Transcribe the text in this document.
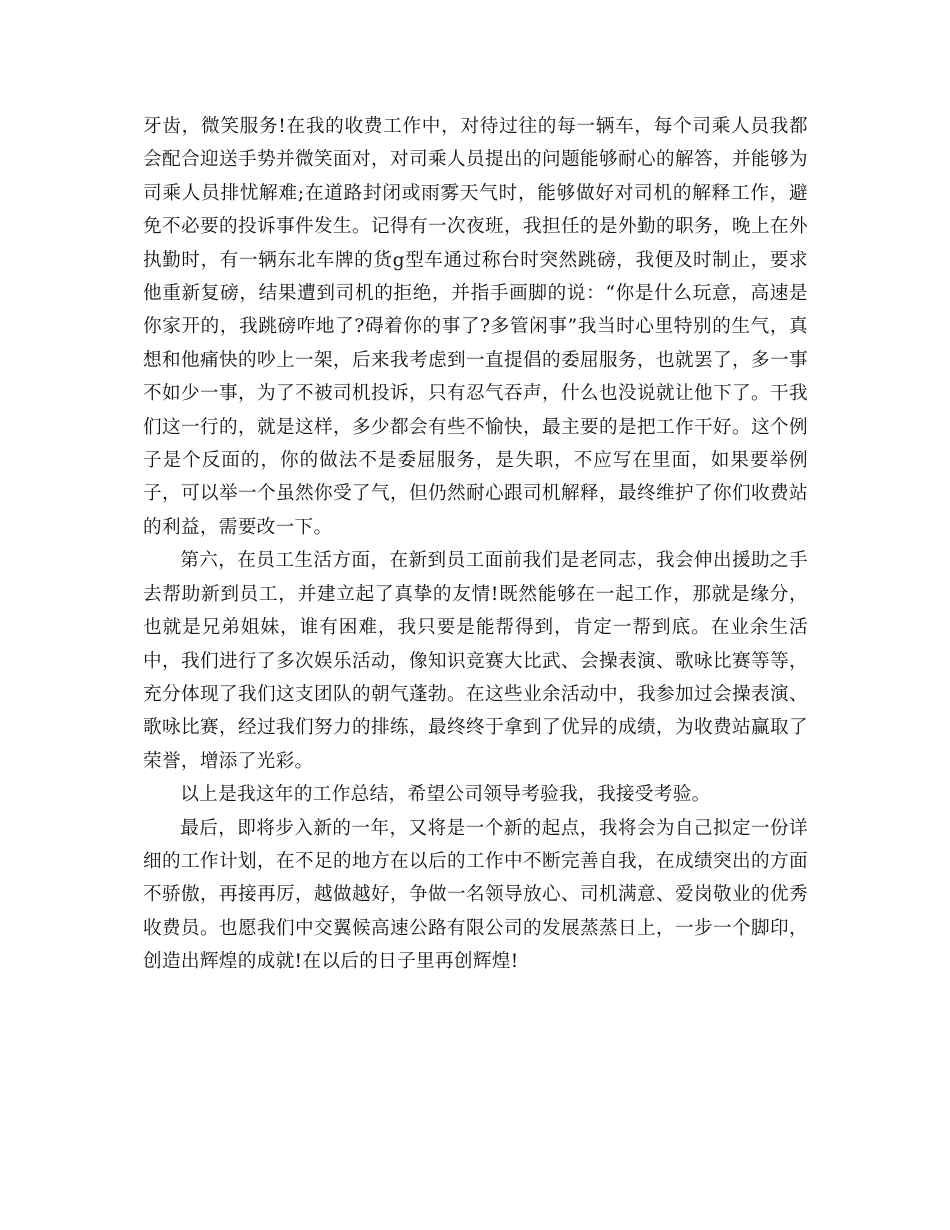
牙齿，微笑服务!在我的收费工作中，对待过往的每一辆车，每个司乘人员我都会配合迎送手势并微笑面对，对司乘人员提出的问题能够耐心的解答，并能够为司乘人员排忧解难;在道路封闭或雨雾天气时，能够做好对司机的解释工作，避免不必要的投诉事件发生。记得有一次夜班，我担任的是外勤的职务，晚上在外执勤时，有一辆东北车牌的货g型车通过称台时突然跳磅，我便及时制止，要求他重新复磅，结果遭到司机的拒绝，并指手画脚的说：“你是什么玩意，高速是你家开的，我跳磅咋地了?碍着你的事了?多管闲事”我当时心里特别的生气，真想和他痛快的吵上一架，后来我考虑到一直提倡的委屈服务，也就罢了，多一事不如少一事，为了不被司机投诉，只有忍气吞声，什么也没说就让他下了。干我们这一行的，就是这样，多少都会有些不愉快，最主要的是把工作干好。这个例子是个反面的，你的做法不是委屈服务，是失职，不应写在里面，如果要举例子，可以举一个虽然你受了气，但仍然耐心跟司机解释，最终维护了你们收费站的利益，需要改一下。

第六，在员工生活方面，在新到员工面前我们是老同志，我会伸出援助之手去帮助新到员工，并建立起了真挚的友情!既然能够在一起工作，那就是缘分，也就是兄弟姐妹，谁有困难，我只要是能帮得到，肯定一帮到底。在业余生活中，我们进行了多次娱乐活动，像知识竞赛大比武、会操表演、歌咏比赛等等，充分体现了我们这支团队的朝气蓬勃。在这些业余活动中，我参加过会操表演、歌咏比赛，经过我们努力的排练，最终终于拿到了优异的成绩，为收费站赢取了荣誉，增添了光彩。

以上是我这年的工作总结，希望公司领导考验我，我接受考验。

最后，即将步入新的一年，又将是一个新的起点，我将会为自己拟定一份详细的工作计划，在不足的地方在以后的工作中不断完善自我，在成绩突出的方面不骄傲，再接再厉，越做越好，争做一名领导放心、司机满意、爱岗敬业的优秀收费员。也愿我们中交翼候高速公路有限公司的发展蒸蒸日上，一步一个脚印，创造出辉煌的成就!在以后的日子里再创辉煌!
